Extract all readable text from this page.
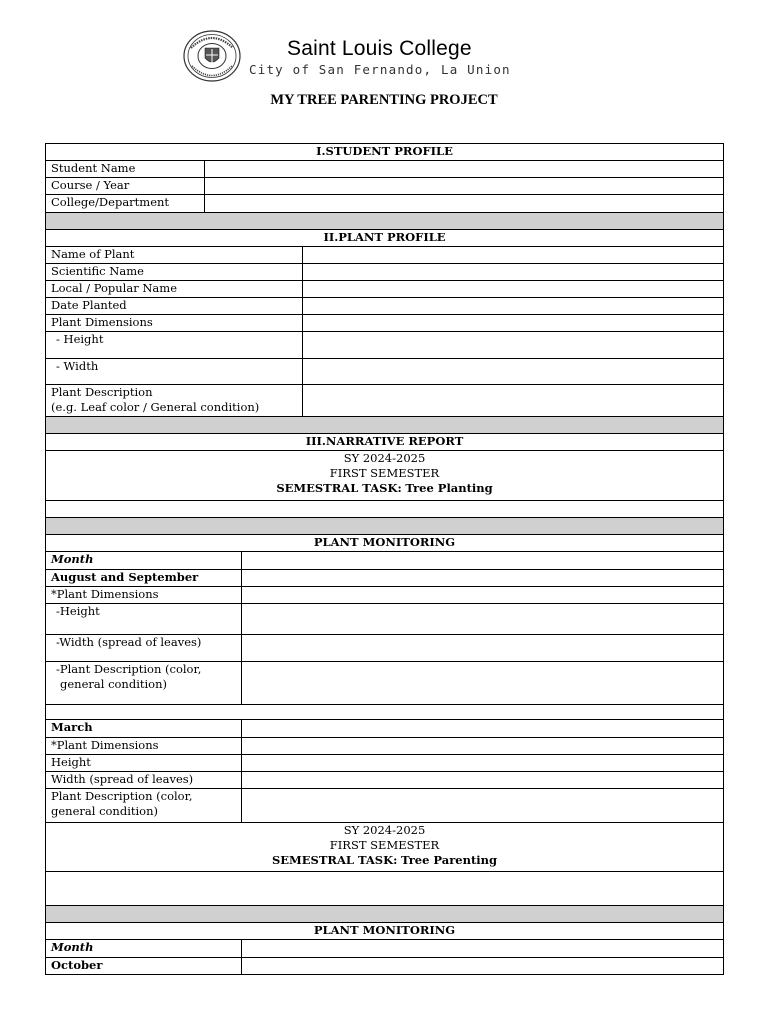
Saint Louis College
City of San Fernando, La Union
MY TREE PARENTING PROJECT
I.STUDENT PROFILE			
Student Name			
Course / Year			
College/Department			

II.PLANT PROFILE			
Name of Plant			
Scientific Name			
Local / Popular Name			
Date Planted			
Plant Dimensions			
- Height			
- Width			

Plant Description
(e.g. Leaf color / General condition)			

III.NARRATIVE REPORT			

SY 2024-2025
FIRST SEMESTER
SEMESTRAL TASK: Tree Planting			

PLANT MONITORING			
Month			
August and September			
*Plant Dimensions			
-Height			
-Width (spread of leaves)			

-Plant Description (color,
general condition)			

March			
*Plant Dimensions			
Height			
Width (spread of leaves)			

Plant Description (color,
general condition)			

SY 2024-2025
FIRST SEMESTER
SEMESTRAL TASK: Tree Parenting			

PLANT MONITORING			
Month			
October			
